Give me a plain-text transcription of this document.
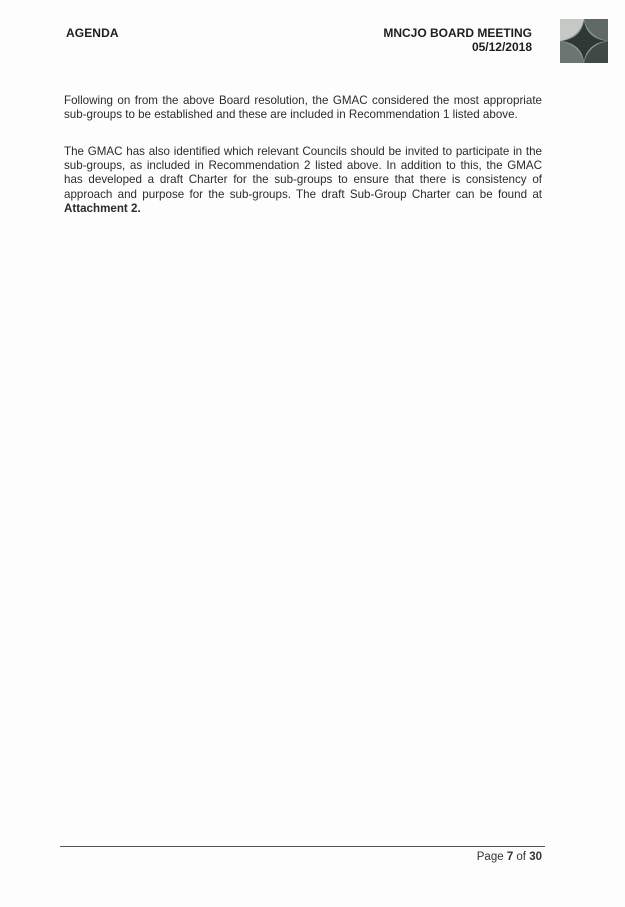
AGENDA	MNCJO BOARD MEETING
05/12/2018
Following on from the above Board resolution, the GMAC considered the most appropriate sub-groups to be established and these are included in Recommendation 1 listed above.
The GMAC has also identified which relevant Councils should be invited to participate in the sub-groups, as included in Recommendation 2 listed above. In addition to this, the GMAC has developed a draft Charter for the sub-groups to ensure that there is consistency of approach and purpose for the sub-groups. The draft Sub-Group Charter can be found at Attachment 2.
Page 7 of 30
